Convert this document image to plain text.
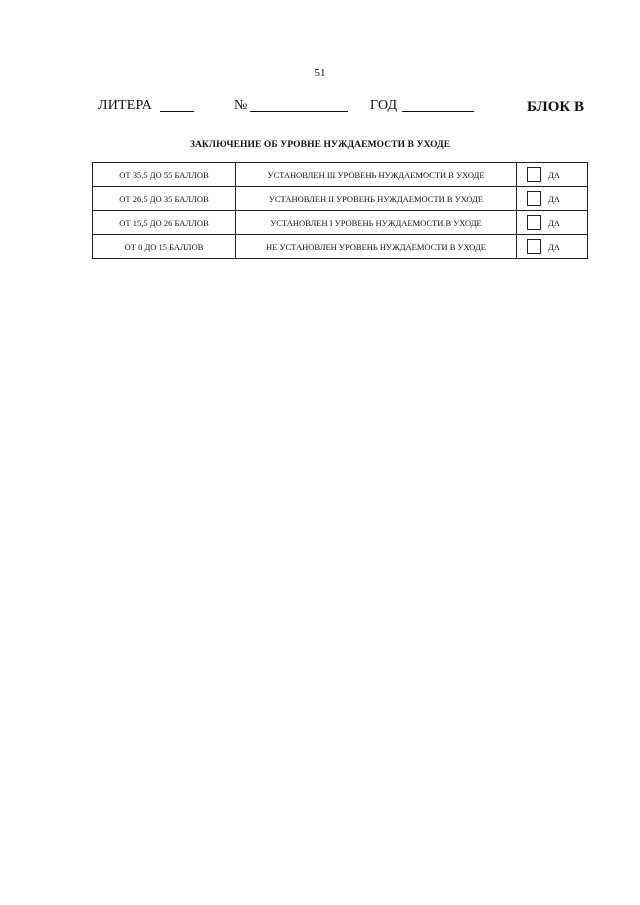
51
ЛИТЕРА	№	ГОД	БЛОК В
ЗАКЛЮЧЕНИЕ ОБ УРОВНЕ НУЖДАЕМОСТИ В УХОДЕ
ОТ 35,5 ДО 55 БАЛЛОВ	УСТАНОВЛЕН III УРОВЕНЬ НУЖДАЕМОСТИ В УХОДЕ	ДА

ОТ 26,5 ДО 35 БАЛЛОВ	УСТАНОВЛЕН II УРОВЕНЬ НУЖДАЕМОСТИ В УХОДЕ	ДА

ОТ 15,5 ДО 26 БАЛЛОВ	УСТАНОВЛЕН I УРОВЕНЬ НУЖДАЕМОСТИ В УХОДЕ	ДА

ОТ 0 ДО 15 БАЛЛОВ	НЕ УСТАНОВЛЕН УРОВЕНЬ НУЖДАЕМОСТИ В УХОДЕ	ДА
